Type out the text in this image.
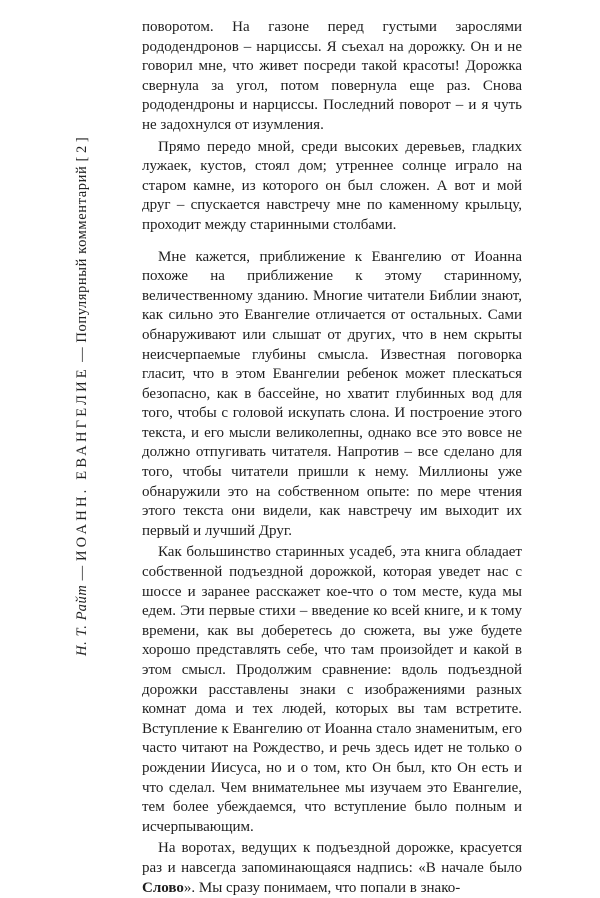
Н. Т. Райт — ИОАНН. ЕВАНГЕЛИЕ — Популярный комментарий [ 2 ]

поворотом. На газоне перед густыми зарослями рододендронов – нарциссы. Я съехал на дорожку. Он и не говорил мне, что живет посреди такой красоты! Дорожка свернула за угол, потом повернула еще раз. Снова рододендроны и нарциссы. Последний поворот – и я чуть не задохнулся от изумления.

Прямо передо мной, среди высоких деревьев, гладких лужаек, кустов, стоял дом; утреннее солнце играло на старом камне, из которого он был сложен. А вот и мой друг – спускается навстречу мне по каменному крыльцу, проходит между старинными столбами.

Мне кажется, приближение к Евангелию от Иоанна похоже на приближение к этому старинному, величественному зданию. Многие читатели Библии знают, как сильно это Евангелие отличается от остальных. Сами обнаруживают или слышат от других, что в нем скрыты неисчерпаемые глубины смысла. Известная поговорка гласит, что в этом Евангелии ребенок может плескаться безопасно, как в бассейне, но хватит глубинных вод для того, чтобы с головой искупать слона. И построение этого текста, и его мысли великолепны, однако все это вовсе не должно отпугивать читателя. Напротив – все сделано для того, чтобы читатели пришли к нему. Миллионы уже обнаружили это на собственном опыте: по мере чтения этого текста они видели, как навстречу им выходит их первый и лучший Друг.

Как большинство старинных усадеб, эта книга обладает собственной подъездной дорожкой, которая уведет нас с шоссе и заранее расскажет кое-что о том месте, куда мы едем. Эти первые стихи – введение ко всей книге, и к тому времени, как вы доберетесь до сюжета, вы уже будете хорошо представлять себе, что там произойдет и какой в этом смысл. Продолжим сравнение: вдоль подъездной дорожки расставлены знаки с изображениями разных комнат дома и тех людей, которых вы там встретите. Вступление к Евангелию от Иоанна стало знаменитым, его часто читают на Рождество, и речь здесь идет не только о рождении Иисуса, но и о том, кто Он был, кто Он есть и что сделал. Чем внимательнее мы изучаем это Евангелие, тем более убеждаемся, что вступление было полным и исчерпывающим.

На воротах, ведущих к подъездной дорожке, красуется раз и навсегда запоминающаяся надпись: «В начале было Слово». Мы сразу понимаем, что попали в знако-
